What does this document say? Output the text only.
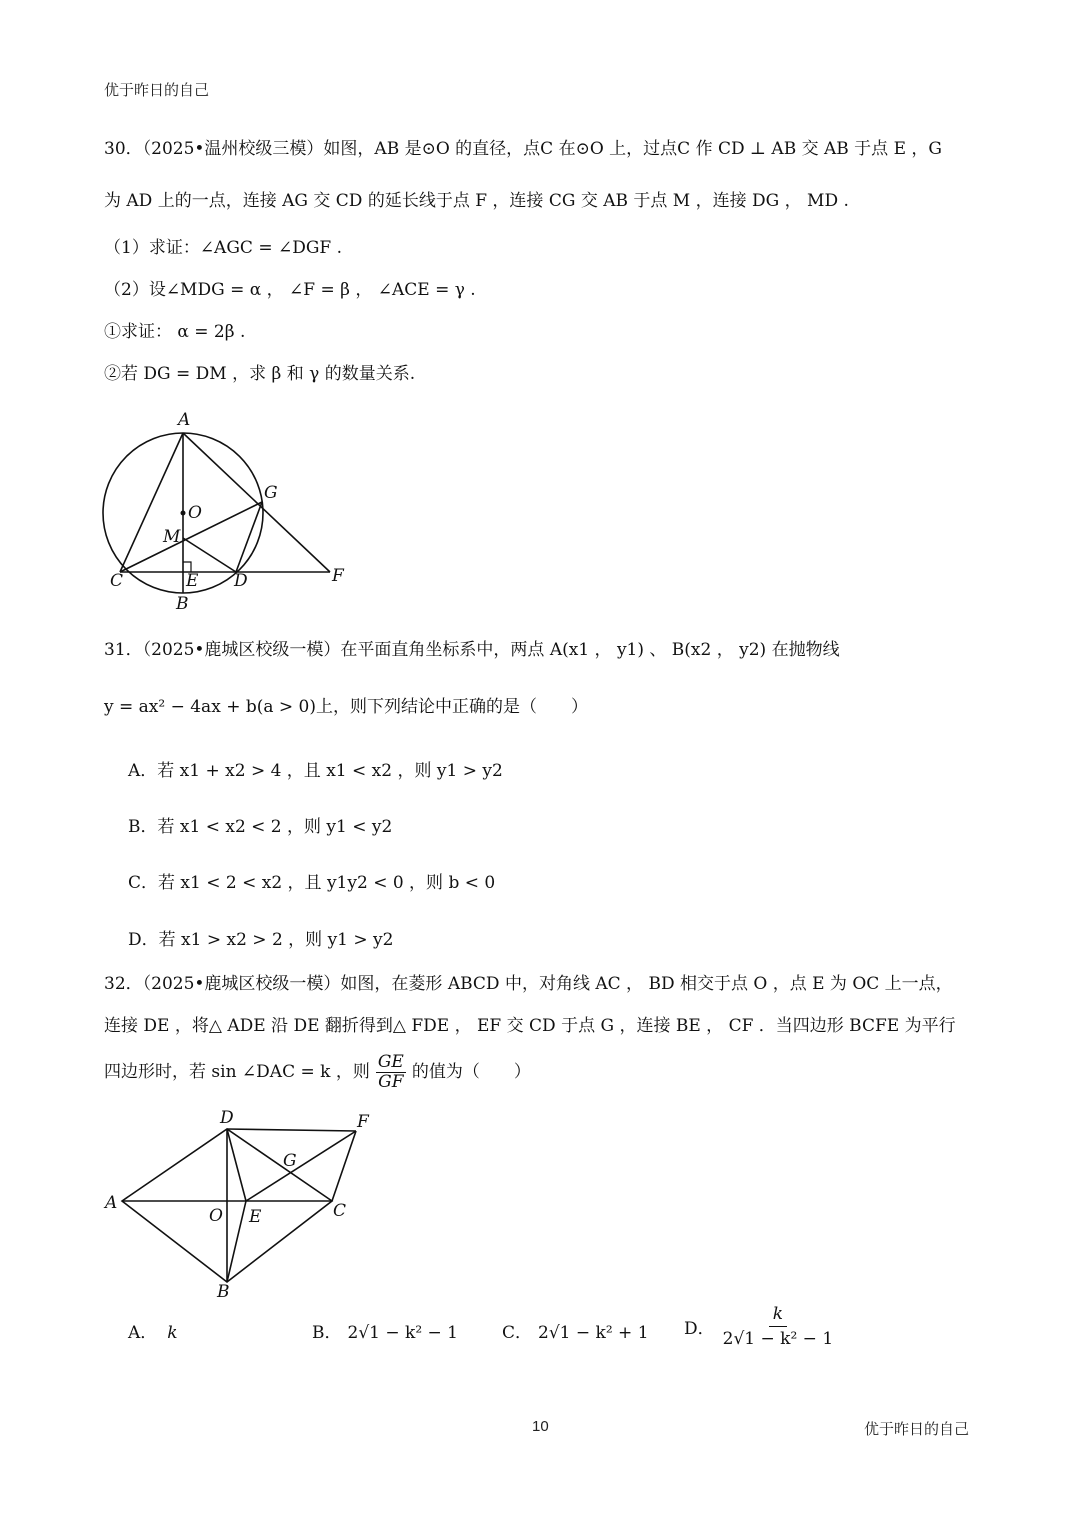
优于昨日的自己
30．（2025•温州校级三模）如图，AB 是⊙O 的直径，点C 在⊙O 上，过点C 作 CD ⊥ AB 交 AB 于点 E ，G
为 AD 上的一点，连接 AG 交 CD 的延长线于点 F ，连接 CG 交 AB 于点 M ，连接 DG ， MD .
（1）求证：∠AGC = ∠DGF .
（2）设∠MDG = α ， ∠F = β ， ∠ACE = γ .
①求证： α = 2β .
②若 DG = DM ，求 β 和 γ 的数量关系.
A
O
G
M
C	E D	F
B
31．（2025•鹿城区校级一模）在平面直角坐标系中，两点 A(x1 ， y1) 、 B(x2 ， y2) 在抛物线
y = ax² − 4ax + b(a > 0)上，则下列结论中正确的是（　　）
A．若 x1 + x2 > 4 ，且 x1 < x2 ，则 y1 > y2
B．若 x1 < x2 < 2 ，则 y1 < y2
C．若 x1 < 2 < x2 ，且 y1y2 < 0 ，则 b < 0
D．若 x1 > x2 > 2 ，则 y1 > y2
32．（2025•鹿城区校级一模）如图，在菱形 ABCD 中，对角线 AC ， BD 相交于点 O ，点 E 为 OC 上一点，
连接 DE ，将△ ADE 沿 DE 翻折得到△ FDE ， EF 交 CD 于点 G ，连接 BE ， CF ．当四边形 BCFE 为平行
四边形时，若 sin ∠DAC = k ，则 $\frac{GE}{GF}$ 的值为（　　）
D	F
G
A
O E	C
B
A． k	B． 2√1 − k² − 1	C． 2√1 − k² + 1 D． $\frac{k}{\text{2√1 − k² − 1}}$
10	优于昨日的自己
